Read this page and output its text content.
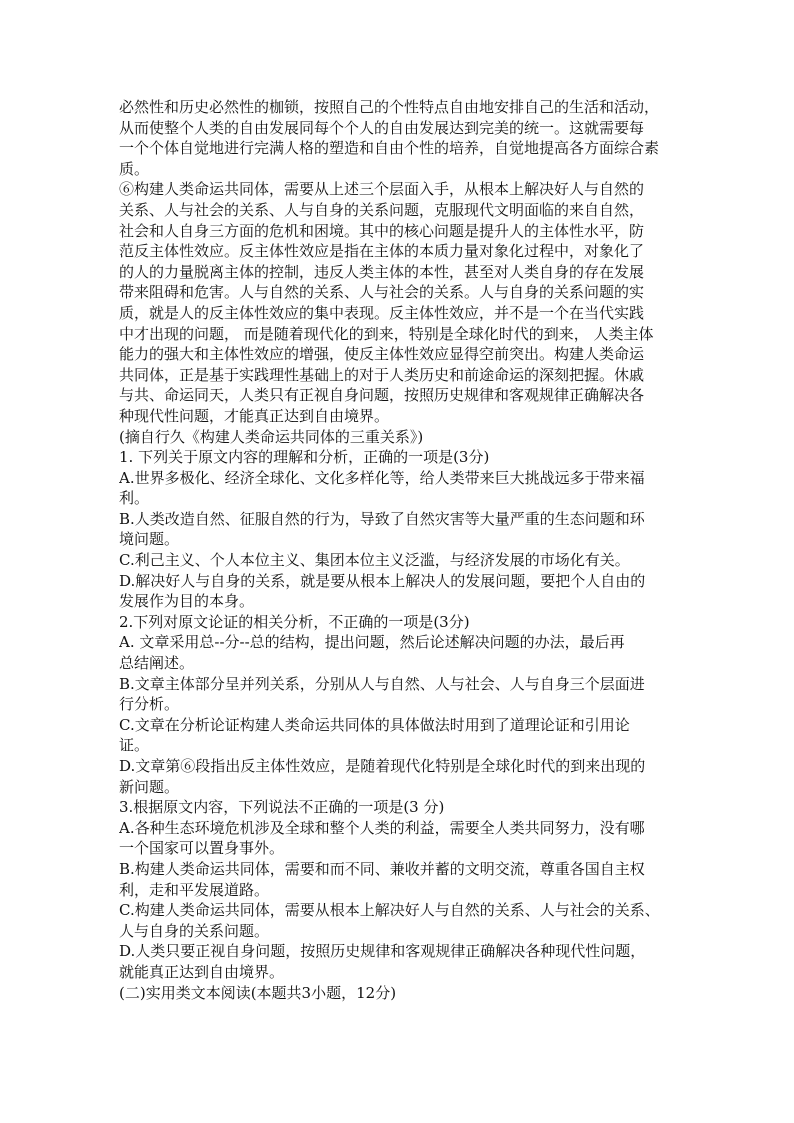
必然性和历史必然性的枷锁，按照自己的个性特点自由地安排自己的生活和活动，
从而使整个人类的自由发展同每个个人的自由发展达到完美的统一。这就需要每
一个个体自觉地进行完满人格的塑造和自由个性的培养，自觉地提高各方面综合素
质。
⑥构建人类命运共同体，需要从上述三个层面入手，从根本上解决好人与自然的
关系、人与社会的关系、人与自身的关系问题，克服现代文明面临的来自自然，
社会和人自身三方面的危机和困境。其中的核心问题是提升人的主体性水平，防
范反主体性效应。反主体性效应是指在主体的本质力量对象化过程中，对象化了
的人的力量脱离主体的控制，违反人类主体的本性，甚至对人类自身的存在发展
带来阻碍和危害。人与自然的关系、人与社会的关系。人与自身的关系问题的实
质，就是人的反主体性效应的集中表现。反主体性效应，并不是一个在当代实践
中才出现的问题， 而是随着现代化的到来，特别是全球化时代的到来， 人类主体
能力的强大和主体性效应的增强，使反主体性效应显得空前突出。构建人类命运
共同体，正是基于实践理性基础上的对于人类历史和前途命运的深刻把握。休戚
与共、命运同天，人类只有正视自身问题，按照历史规律和客观规律正确解决各
种现代性问题，才能真正达到自由境界。
(摘自行久《构建人类命运共同体的三重关系》)
1. 下列关于原文内容的理解和分析，正确的一项是(3分)
A.世界多极化、经济全球化、文化多样化等，给人类带来巨大挑战远多于带来福
利。
B.人类改造自然、征服自然的行为，导致了自然灾害等大量严重的生态问题和环
境问题。
C.利己主义、个人本位主义、集团本位主义泛滥，与经济发展的市场化有关。
D.解决好人与自身的关系，就是要从根本上解决人的发展问题，要把个人自由的
发展作为目的本身。
2.下列对原文论证的相关分析，不正确的一项是(3分)
A. 文章采用总--分--总的结构，提出问题，然后论述解决问题的办法，最后再
总结阐述。
B.文章主体部分呈并列关系，分别从人与自然、人与社会、人与自身三个层面进
行分析。
C.文章在分析论证构建人类命运共同体的具体做法时用到了道理论证和引用论
证。
D.文章第⑥段指出反主体性效应，是随着现代化特别是全球化时代的到来出现的
新问题。
3.根据原文内容，下列说法不正确的一项是(3 分)
A.各种生态环境危机涉及全球和整个人类的利益，需要全人类共同努力，没有哪
一个国家可以置身事外。
B.构建人类命运共同体，需要和而不同、兼收并蓄的文明交流，尊重各国自主权
利，走和平发展道路。
C.构建人类命运共同体，需要从根本上解决好人与自然的关系、人与社会的关系、
人与自身的关系问题。
D.人类只要正视自身问题，按照历史规律和客观规律正确解决各种现代性问题，
就能真正达到自由境界。
(二)实用类文本阅读(本题共3小题，12分)
